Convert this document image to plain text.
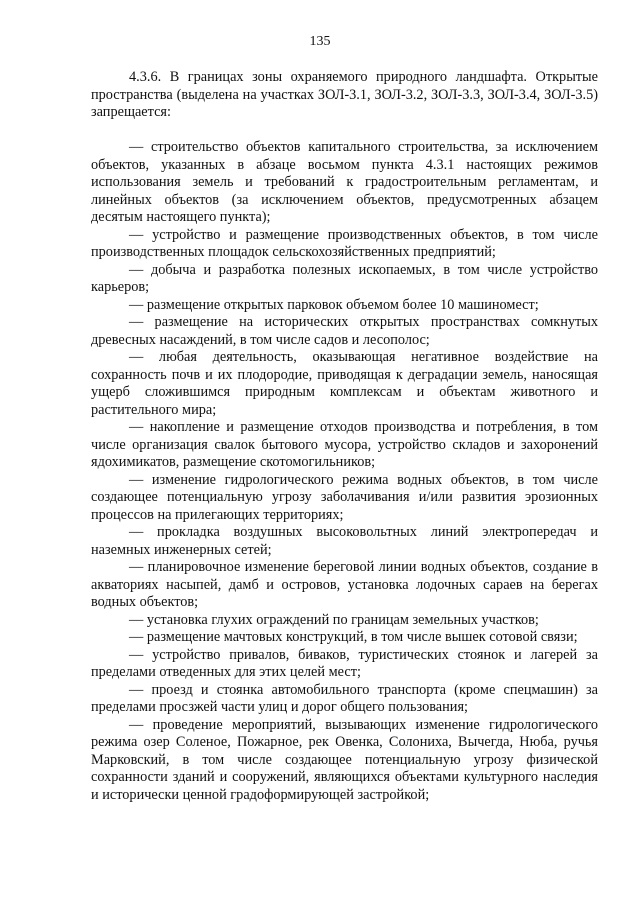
135

4.3.6. В границах зоны охраняемого природного ландшафта. Открытые пространства (выделена на участках ЗОЛ-3.1, ЗОЛ-3.2, ЗОЛ-3.3, ЗОЛ-3.4, ЗОЛ-3.5) запрещается:

— строительство объектов капитального строительства, за исключением объектов, указанных в абзаце восьмом пункта 4.3.1 настоящих режимов использования земель и требований к градостроительным регламентам, и линейных объектов (за исключением объектов, предусмотренных абзацем десятым настоящего пункта);

— устройство и размещение производственных объектов, в том числе производственных площадок сельскохозяйственных предприятий;

— добыча и разработка полезных ископаемых, в том числе устройство карьеров;

— размещение открытых парковок объемом более 10 машиномест;

— размещение на исторических открытых пространствах сомкнутых древесных насаждений, в том числе садов и лесополос;

— любая деятельность, оказывающая негативное воздействие на сохранность почв и их плодородие, приводящая к деградации земель, наносящая ущерб сложившимся природным комплексам и объектам животного и растительного мира;

— накопление и размещение отходов производства и потребления, в том числе организация свалок бытового мусора, устройство складов и захоронений ядохимикатов, размещение скотомогильников;

— изменение гидрологического режима водных объектов, в том числе создающее потенциальную угрозу заболачивания и/или развития эрозионных процессов на прилегающих территориях;

— прокладка воздушных высоковольтных линий электропередач и наземных инженерных сетей;

— планировочное изменение береговой линии водных объектов, создание в акваториях насыпей, дамб и островов, установка лодочных сараев на берегах водных объектов;

— установка глухих ограждений по границам земельных участков;

— размещение мачтовых конструкций, в том числе вышек сотовой связи;

— устройство привалов, биваков, туристических стоянок и лагерей за пределами отведенных для этих целей мест;

— проезд и стоянка автомобильного транспорта (кроме спецмашин) за пределами просзжей части улиц и дорог общего пользования;

— проведение мероприятий, вызывающих изменение гидрологического режима озер Соленое, Пожарное, рек Овенка, Солониха, Вычегда, Нюба, ручья Марковский, в том числе создающее потенциальную угрозу физической сохранности зданий и сооружений, являющихся объектами культурного наследия и исторически ценной градоформирующей застройкой;
